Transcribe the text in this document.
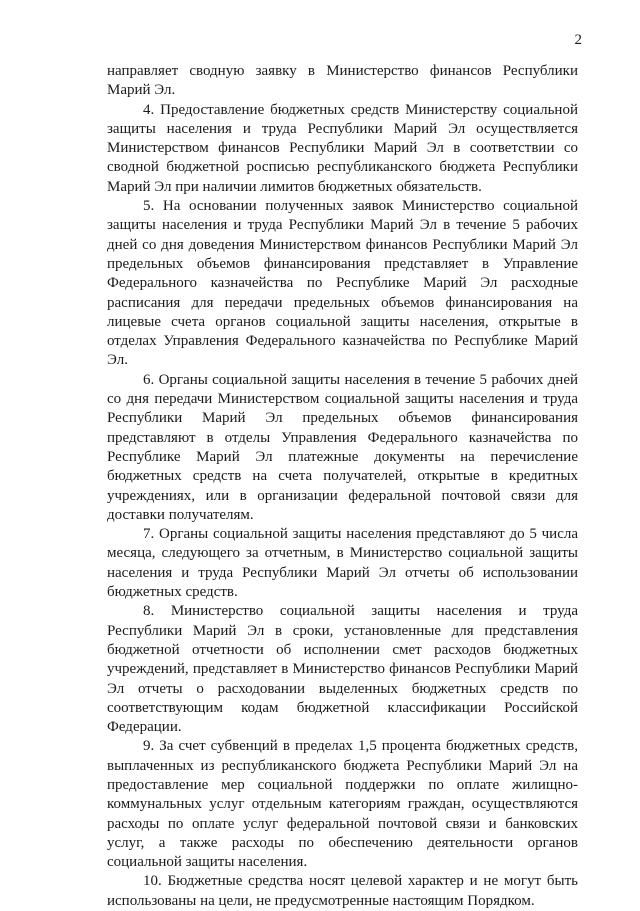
2

направляет сводную заявку в Министерство финансов Республики Марий Эл.

4. Предоставление бюджетных средств Министерству социальной защиты населения и труда Республики Марий Эл осуществляется Министерством финансов Республики Марий Эл в соответствии со сводной бюджетной росписью республиканского бюджета Республики Марий Эл при наличии лимитов бюджетных обязательств.

5. На основании полученных заявок Министерство социальной защиты населения и труда Республики Марий Эл в течение 5 рабочих дней со дня доведения Министерством финансов Республики Марий Эл предельных объемов финансирования представляет в Управление Федерального казначейства по Республике Марий Эл расходные расписания для передачи предельных объемов финансирования на лицевые счета органов социальной защиты населения, открытые в отделах Управления Федерального казначейства по Республике Марий Эл.

6. Органы социальной защиты населения в течение 5 рабочих дней со дня передачи Министерством социальной защиты населения и труда Республики Марий Эл предельных объемов финансирования представляют в отделы Управления Федерального казначейства по Республике Марий Эл платежные документы на перечисление бюджетных средств на счета получателей, открытые в кредитных учреждениях, или в организации федеральной почтовой связи для доставки получателям.

7. Органы социальной защиты населения представляют до 5 числа месяца, следующего за отчетным, в Министерство социальной защиты населения и труда Республики Марий Эл отчеты об использовании бюджетных средств.

8. Министерство социальной защиты населения и труда Республики Марий Эл в сроки, установленные для представления бюджетной отчетности об исполнении смет расходов бюджетных учреждений, представляет в Министерство финансов Республики Марий Эл отчеты о расходовании выделенных бюджетных средств по соответствующим кодам бюджетной классификации Российской Федерации.

9. За счет субвенций в пределах 1,5 процента бюджетных средств, выплаченных из республиканского бюджета Республики Марий Эл на предоставление мер социальной поддержки по оплате жилищно-коммунальных услуг отдельным категориям граждан, осуществляются расходы по оплате услуг федеральной почтовой связи и банковских услуг, а также расходы по обеспечению деятельности органов социальной защиты населения.

10. Бюджетные средства носят целевой характер и не могут быть использованы на цели, не предусмотренные настоящим Порядком.
